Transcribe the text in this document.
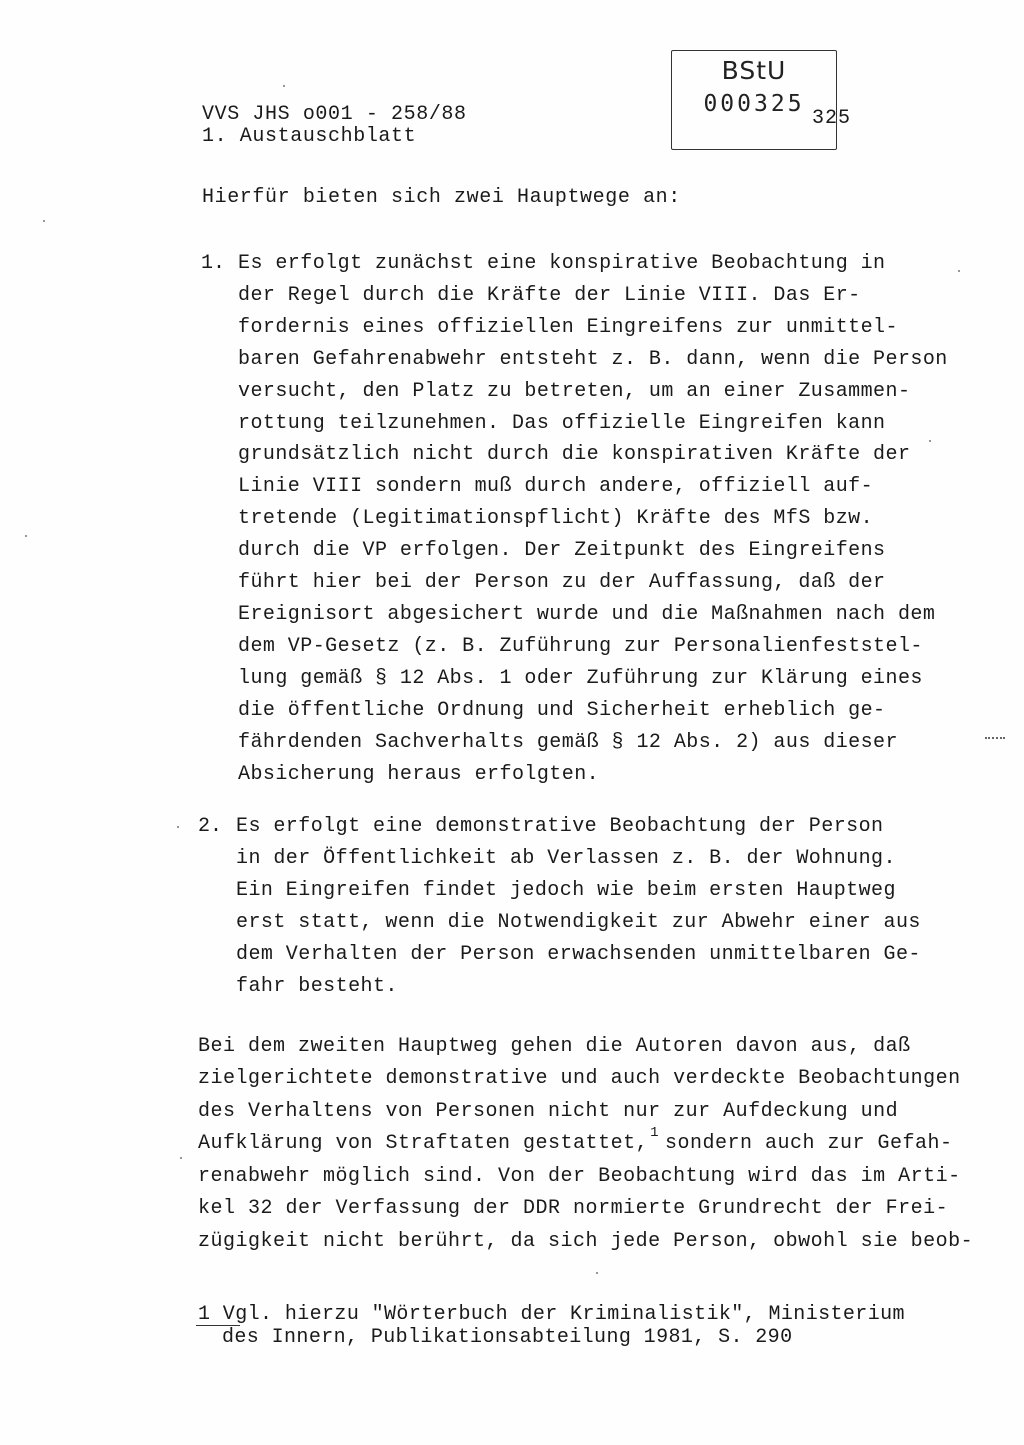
VVS JHS o001 - 258/88
1. Austauschblatt
BStU
000325
325
Hierfür bieten sich zwei Hauptwege an:
1. Es erfolgt zunächst eine konspirative Beobachtung in
der Regel durch die Kräfte der Linie VIII. Das Er-
fordernis eines offiziellen Eingreifens zur unmittel-
baren Gefahrenabwehr entsteht z. B. dann, wenn die Person
versucht, den Platz zu betreten, um an einer Zusammen-
rottung teilzunehmen. Das offizielle Eingreifen kann
grundsätzlich nicht durch die konspirativen Kräfte der
Linie VIII sondern muß durch andere, offiziell auf-
tretende (Legitimationspflicht) Kräfte des MfS bzw.
durch die VP erfolgen. Der Zeitpunkt des Eingreifens
führt hier bei der Person zu der Auffassung, daß der
Ereignisort abgesichert wurde und die Maßnahmen nach dem
dem VP-Gesetz (z. B. Zuführung zur Personalienfeststel-
lung gemäß § 12 Abs. 1 oder Zuführung zur Klärung eines
die öffentliche Ordnung und Sicherheit erheblich ge-
fährdenden Sachverhalts gemäß § 12 Abs. 2) aus dieser
Absicherung heraus erfolgten.
2. Es erfolgt eine demonstrative Beobachtung der Person
in der Öffentlichkeit ab Verlassen z. B. der Wohnung.
Ein Eingreifen findet jedoch wie beim ersten Hauptweg
erst statt, wenn die Notwendigkeit zur Abwehr einer aus
dem Verhalten der Person erwachsenden unmittelbaren Ge-
fahr besteht.
Bei dem zweiten Hauptweg gehen die Autoren davon aus, daß
zielgerichtete demonstrative und auch verdeckte Beobachtungen
des Verhaltens von Personen nicht nur zur Aufdeckung und
Aufklärung von Straftaten gestattet, 1 sondern auch zur Gefah-
renabwehr möglich sind. Von der Beobachtung wird das im Arti-
kel 32 der Verfassung der DDR normierte Grundrecht der Frei-
zügigkeit nicht berührt, da sich jede Person, obwohl sie beob-
1 Vgl. hierzu "Wörterbuch der Kriminalistik", Ministerium
des Innern, Publikationsabteilung 1981, S. 290
